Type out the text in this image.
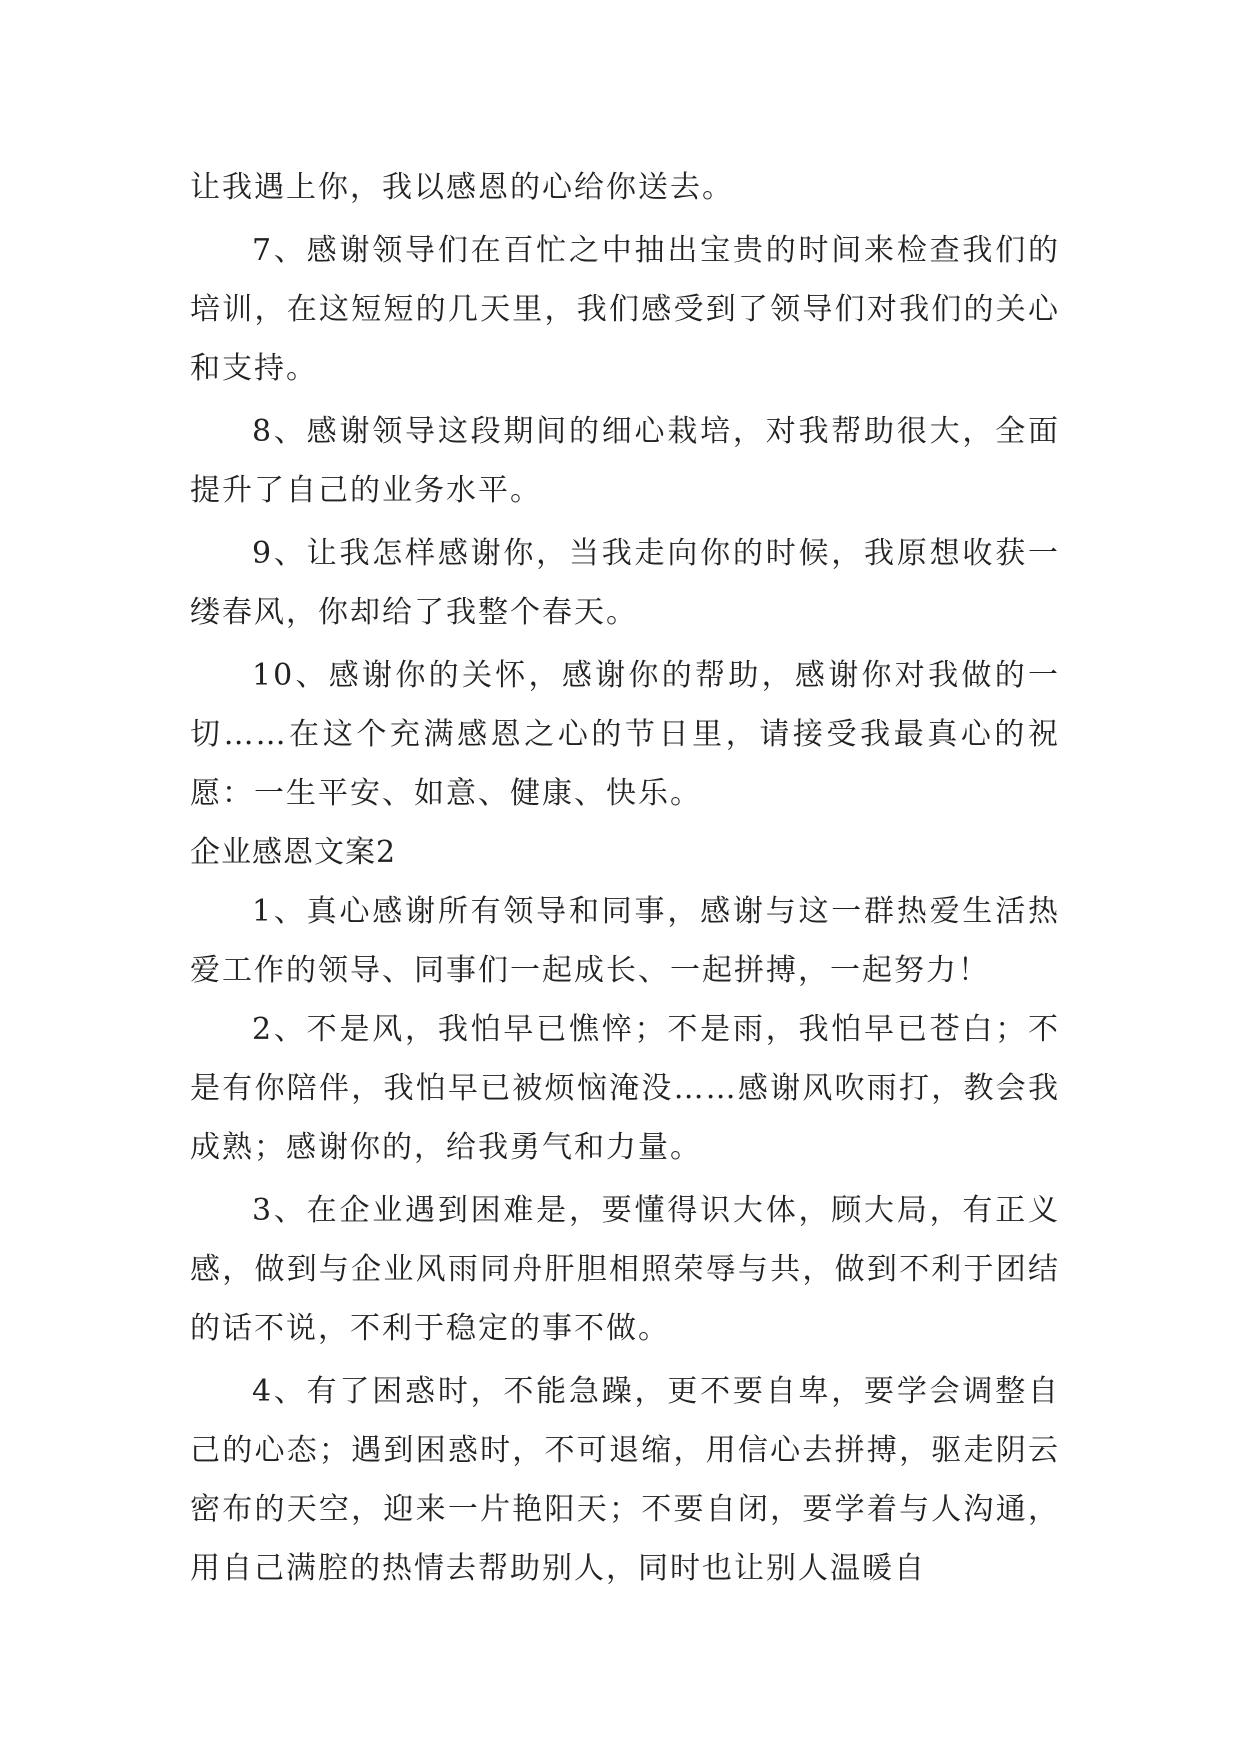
让我遇上你，我以感恩的心给你送去。

7、感谢领导们在百忙之中抽出宝贵的时间来检查我们的培训，在这短短的几天里，我们感受到了领导们对我们的关心和支持。

8、感谢领导这段期间的细心栽培，对我帮助很大，全面提升了自己的业务水平。

9、让我怎样感谢你，当我走向你的时候，我原想收获一缕春风，你却给了我整个春天。

10、感谢你的关怀，感谢你的帮助，感谢你对我做的一切……在这个充满感恩之心的节日里，请接受我最真心的祝愿：一生平安、如意、健康、快乐。

企业感恩文案2

1、真心感谢所有领导和同事，感谢与这一群热爱生活热爱工作的领导、同事们一起成长、一起拼搏，一起努力！

2、不是风，我怕早已憔悴；不是雨，我怕早已苍白；不是有你陪伴，我怕早已被烦恼淹没……感谢风吹雨打，教会我成熟；感谢你的，给我勇气和力量。

3、在企业遇到困难是，要懂得识大体，顾大局，有正义感，做到与企业风雨同舟肝胆相照荣辱与共，做到不利于团结的话不说，不利于稳定的事不做。

4、有了困惑时，不能急躁，更不要自卑，要学会调整自己的心态；遇到困惑时，不可退缩，用信心去拼搏，驱走阴云密布的天空，迎来一片艳阳天；不要自闭，要学着与人沟通，用自己满腔的热情去帮助别人，同时也让别人温暖自
